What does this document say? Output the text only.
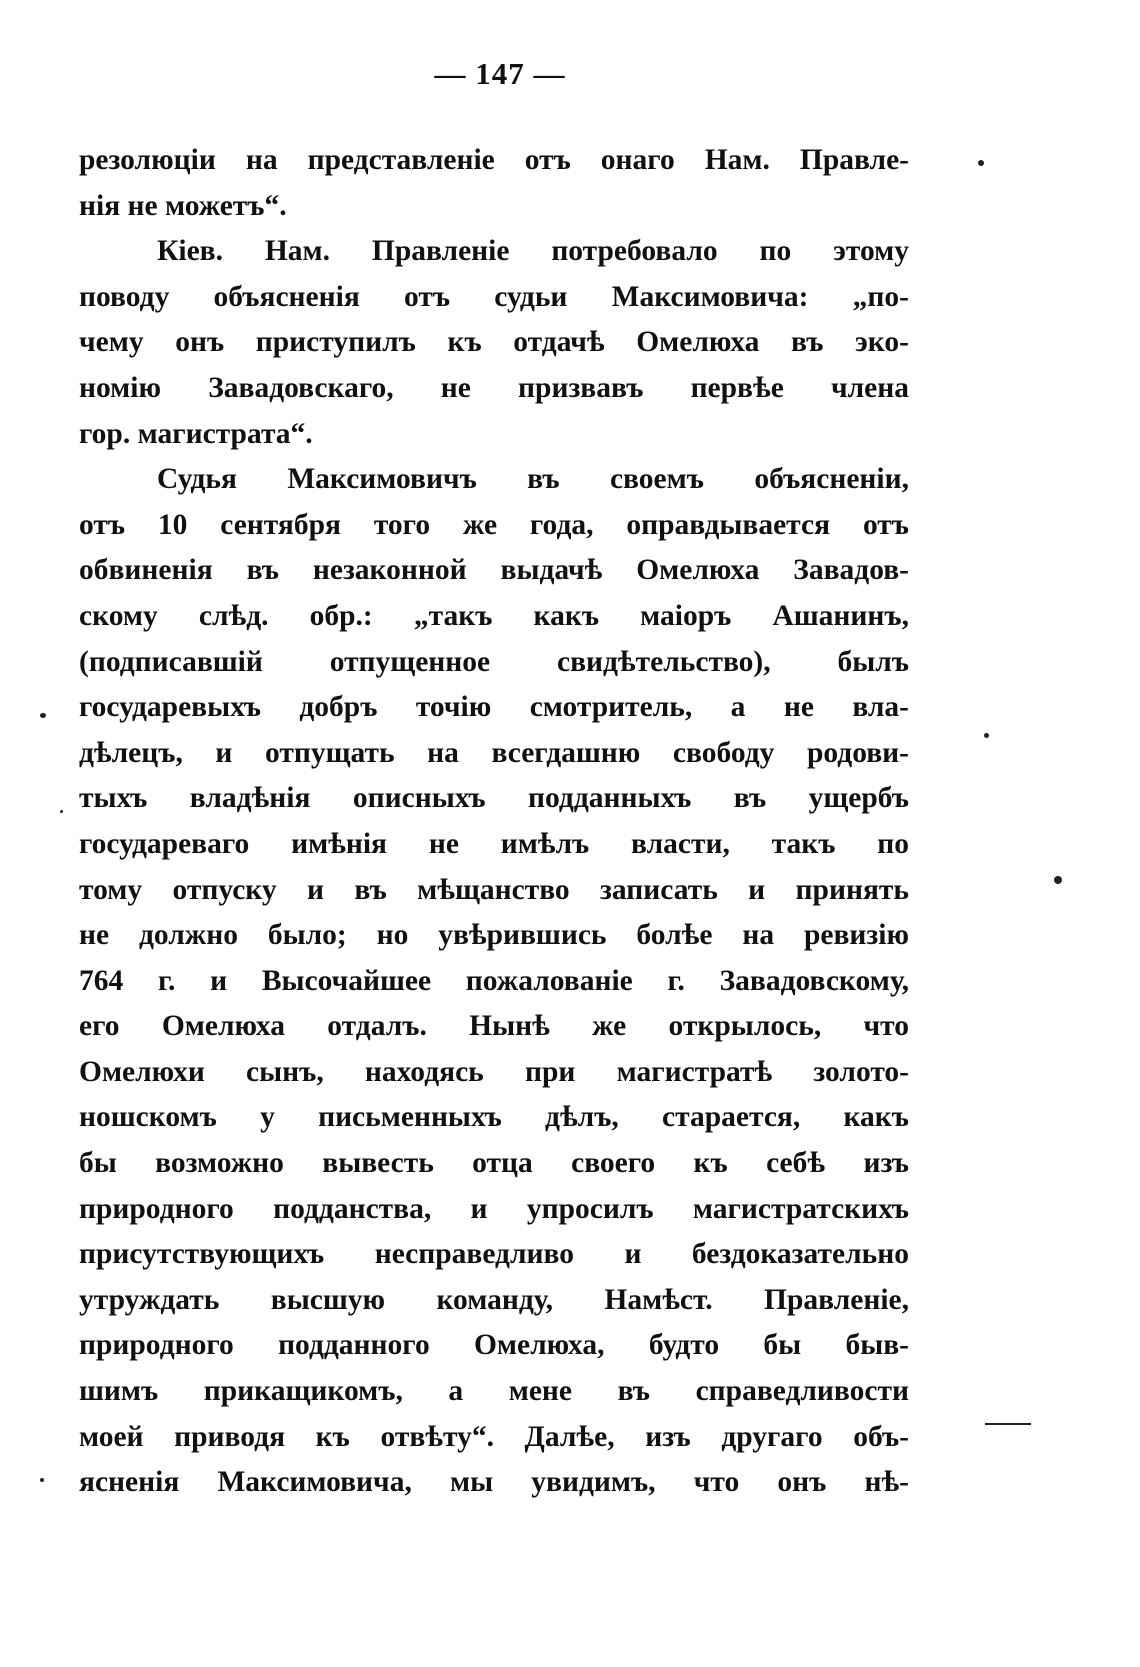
— 147 —
резолюціи на представленіе отъ онаго Нам. Правле-
нія не можетъ“.
Кіев. Нам. Правленіе потребовало по этому
поводу объясненія отъ судьи Максимовича: „по-
чему онъ приступилъ къ отдачѣ Омелюха въ эко-
номію Завадовскаго, не призвавъ первѣе члена
гор. магистрата“.
Судья Максимовичъ въ своемъ объясненіи,
отъ 10 сентября того же года, оправдывается отъ
обвиненія въ незаконной выдачѣ Омелюха Завадов-
скому слѣд. обр.: „такъ какъ маіоръ Ашанинъ,
(подписавшій отпущенное свидѣтельство), былъ
государевыхъ добръ точію смотритель, а не вла-
дѣлецъ, и отпущать на всегдашню свободу родови-
тыхъ владѣнія описныхъ подданныхъ въ ущербъ
государеваго имѣнія не имѣлъ власти, такъ по
тому отпуску и въ мѣщанство записать и принять
не должно было; но увѣрившись болѣе на ревизію
764 г. и Высочайшее пожалованіе г. Завадовскому,
его Омелюха отдалъ. Нынѣ же открылось, что
Омелюхи сынъ, находясь при магистратѣ золото-
ношскомъ у письменныхъ дѣлъ, старается, какъ
бы возможно вывесть отца своего къ себѣ изъ
природного подданства, и упросилъ магистратскихъ
присутствующихъ несправедливо и бездоказательно
утруждать высшую команду, Намѣст. Правленіе,
природного подданного Омелюха, будто бы быв-
шимъ прикащикомъ, а мене въ справедливости
моей приводя къ отвѣту“. Далѣе, изъ другаго объ-
ясненія Максимовича, мы увидимъ, что онъ нѣ-
